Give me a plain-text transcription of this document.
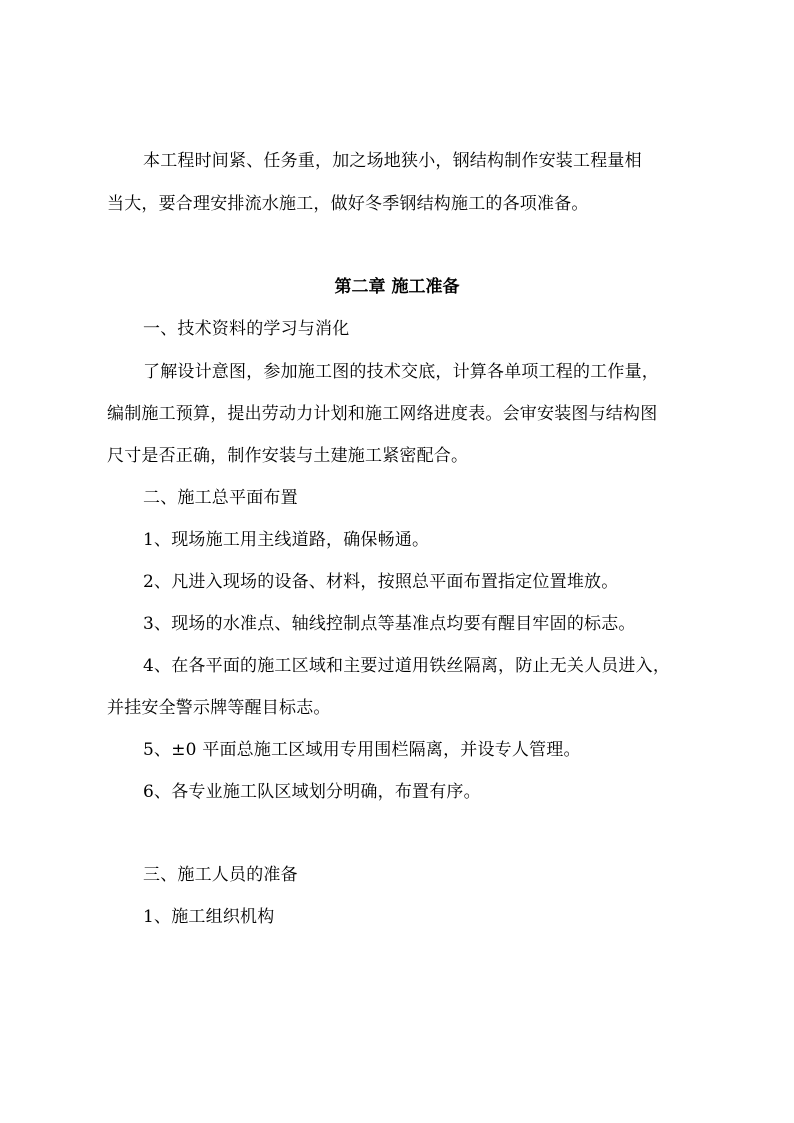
本工程时间紧、任务重，加之场地狭小，钢结构制作安装工程量相
当大，要合理安排流水施工，做好冬季钢结构施工的各项准备。
第二章 施工准备
一、技术资料的学习与消化
了解设计意图，参加施工图的技术交底，计算各单项工程的工作量，
编制施工预算，提出劳动力计划和施工网络进度表。会审安装图与结构图
尺寸是否正确，制作安装与土建施工紧密配合。
二、施工总平面布置
1、现场施工用主线道路，确保畅通。
2、凡进入现场的设备、材料，按照总平面布置指定位置堆放。
3、现场的水准点、轴线控制点等基准点均要有醒目牢固的标志。
4、在各平面的施工区域和主要过道用铁丝隔离，防止无关人员进入，
并挂安全警示牌等醒目标志。
5、±0 平面总施工区域用专用围栏隔离，并设专人管理。
6、各专业施工队区域划分明确，布置有序。
三、施工人员的准备
1、施工组织机构
